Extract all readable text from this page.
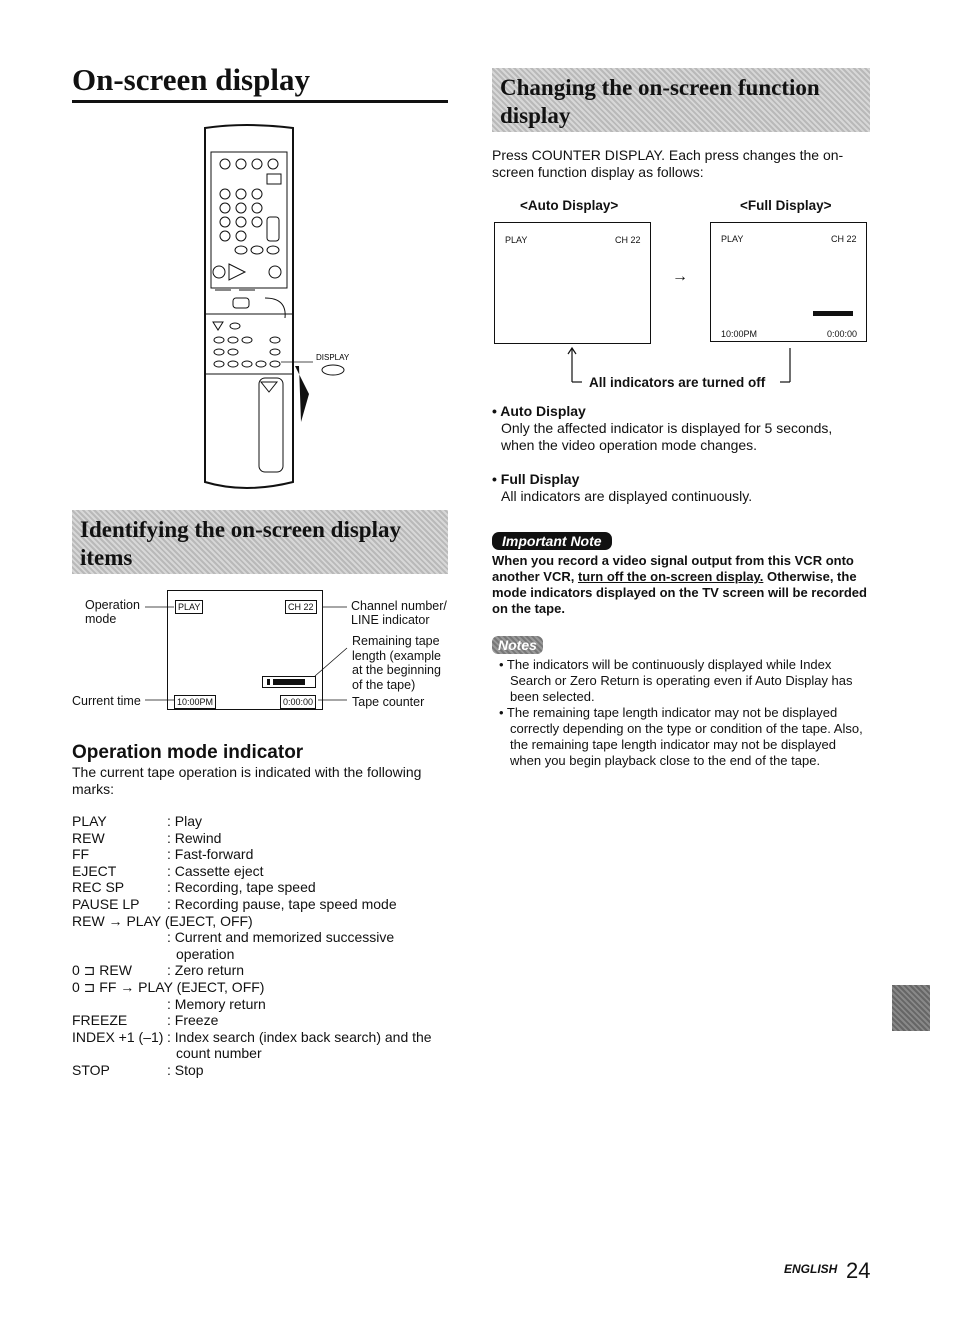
On-screen display
DISPLAY
Identifying the on-screen display items
PLAY	CH 22
10:00PM	0:00:00
Operation mode
Channel number/ LINE indicator
Remaining tape length (example at the beginning of the tape)
Current time	Tape counter
Operation mode indicator
The current tape operation is indicated with the following marks:
PLAY	: Play
REW	: Rewind
FF	: Fast-forward
EJECT	: Cassette eject
REC SP	: Recording, tape speed
PAUSE LP : Recording pause, tape speed mode
REW → PLAY (EJECT, OFF)
: Current and memorized successive
operation
0 ⊐ REW	: Zero return
0 ⊐ FF → PLAY (EJECT, OFF)
: Memory return
FREEZE	: Freeze
INDEX +1 (–1) : Index search (index back search) and the
count number
STOP	: Stop
Changing the on-screen function display
Press COUNTER DISPLAY. Each press changes the on-screen function display as follows:
<Auto Display>	<Full Display>
PLAY	CH 22
→
PLAY	CH 22
10:00PM	0:00:00
All indicators are turned off
• Auto Display
Only the affected indicator is displayed for 5 seconds, when the video operation mode changes.
• Full Display
All indicators are displayed continuously.
Important Note
When you record a video signal output from this VCR onto another VCR, turn off the on-screen display. Otherwise, the mode indicators displayed on the TV screen will be recorded on the tape.
Notes
• The indicators will be continuously displayed while Index Search or Zero Return is operating even if Auto Display has been selected.
• The remaining tape length indicator may not be displayed correctly depending on the type or condition of the tape. Also, the remaining tape length indicator may not be displayed when you begin playback close to the end of the tape.
ENGLISH 24
